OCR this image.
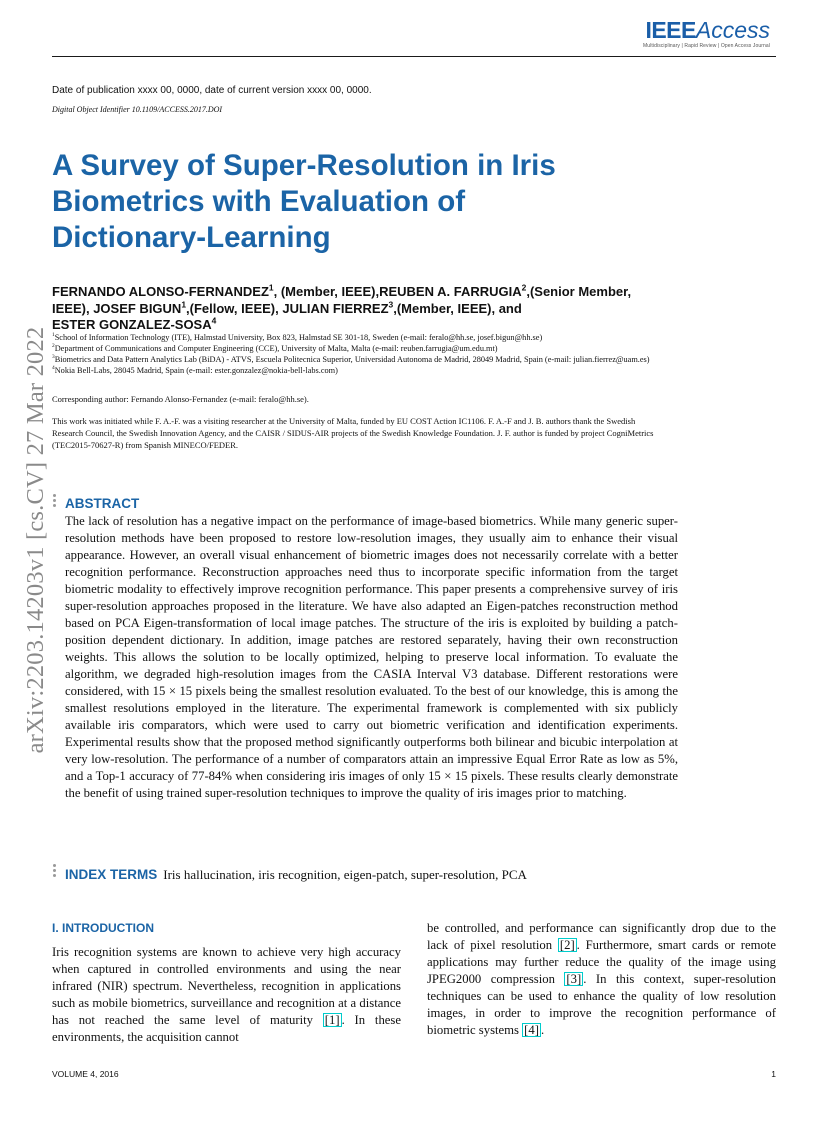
IEEEAccess
Multidisciplinary | Rapid Review | Open Access Journal
Date of publication xxxx 00, 0000, date of current version xxxx 00, 0000.
Digital Object Identifier 10.1109/ACCESS.2017.DOI
A Survey of Super-Resolution in Iris Biometrics with Evaluation of Dictionary-Learning
FERNANDO ALONSO-FERNANDEZ$^1$, (Member, IEEE),REUBEN A. FARRUGIA$^2$,(Senior Member, IEEE), JOSEF BIGUN$^1$,(Fellow, IEEE), JULIAN FIERREZ$^3$,(Member, IEEE), and
ESTER GONZALEZ-SOSA$^4$
$^1$School of Information Technology (ITE), Halmstad University, Box 823, Halmstad SE 301-18, Sweden (e-mail: feralo@hh.se, josef.bigun@hh.se)
$^2$Department of Communications and Computer Engineering (CCE), University of Malta, Malta (e-mail: reuben.farrugia@um.edu.mt)
$^3$Biometrics and Data Pattern Analytics Lab (BiDA) - ATVS, Escuela Politecnica Superior, Universidad Autonoma de Madrid, 28049 Madrid, Spain (e-mail: julian.fierrez@uam.es)
$^4$Nokia Bell-Labs, 28045 Madrid, Spain (e-mail: ester.gonzalez@nokia-bell-labs.com)
Corresponding author: Fernando Alonso-Fernandez (e-mail: feralo@hh.se).
This work was initiated while F. A.-F. was a visiting researcher at the University of Malta, funded by EU COST Action IC1106. F. A.-F and J. B. authors thank the Swedish Research Council, the Swedish Innovation Agency, and the CAISR / SIDUS-AIR projects of the Swedish Knowledge Foundation. J. F. author is funded by project CogniMetrics (TEC2015-70627-R) from Spanish MINECO/FEDER.
arXiv:2203.14203v1 [cs.CV] 27 Mar 2022 ABSTRACT
The lack of resolution has a negative impact on the performance of image-based biometrics. While many generic super-resolution methods have been proposed to restore low-resolution images, they usually aim to enhance their visual appearance. However, an overall visual enhancement of biometric images does not necessarily correlate with a better recognition performance. Reconstruction approaches need thus to incorporate specific information from the target biometric modality to effectively improve recognition performance. This paper presents a comprehensive survey of iris super-resolution approaches proposed in the literature. We have also adapted an Eigen-patches reconstruction method based on PCA Eigen-transformation of local image patches. The structure of the iris is exploited by building a patch-position dependent dictionary. In addition, image patches are restored separately, having their own reconstruction weights. This allows the solution to be locally optimized, helping to preserve local information. To evaluate the algorithm, we degraded high-resolution images from the CASIA Interval V3 database. Different restorations were considered, with 15 × 15 pixels being the smallest resolution evaluated. To the best of our knowledge, this is among the smallest resolutions employed in the literature. The experimental framework is complemented with six publicly available iris comparators, which were used to carry out biometric verification and identification experiments. Experimental results show that the proposed method significantly outperforms both bilinear and bicubic interpolation at very low-resolution. The performance of a number of comparators attain an impressive Equal Error Rate as low as 5%, and a Top-1 accuracy of 77-84% when considering iris images of only 15 × 15 pixels. These results clearly demonstrate the benefit of using trained super-resolution techniques to improve the quality of iris images prior to matching.
INDEX TERMS Iris hallucination, iris recognition, eigen-patch, super-resolution, PCA
I. INTRODUCTION
Iris recognition systems are known to achieve very high accuracy when captured in controlled environments and using the near infrared (NIR) spectrum. Nevertheless, recognition in applications such as mobile biometrics, surveillance and recognition at a distance has not reached the same level of maturity [1] . In these environments, the acquisition cannot
be controlled, and performance can significantly drop due to the lack of pixel resolution [2] . Furthermore, smart cards or remote applications may further reduce the quality of the image using JPEG2000 compression [3] . In this context, super-resolution techniques can be used to enhance the quality of low resolution images, in order to improve the recognition performance of biometric systems [4] .
VOLUME 4, 2016	1
